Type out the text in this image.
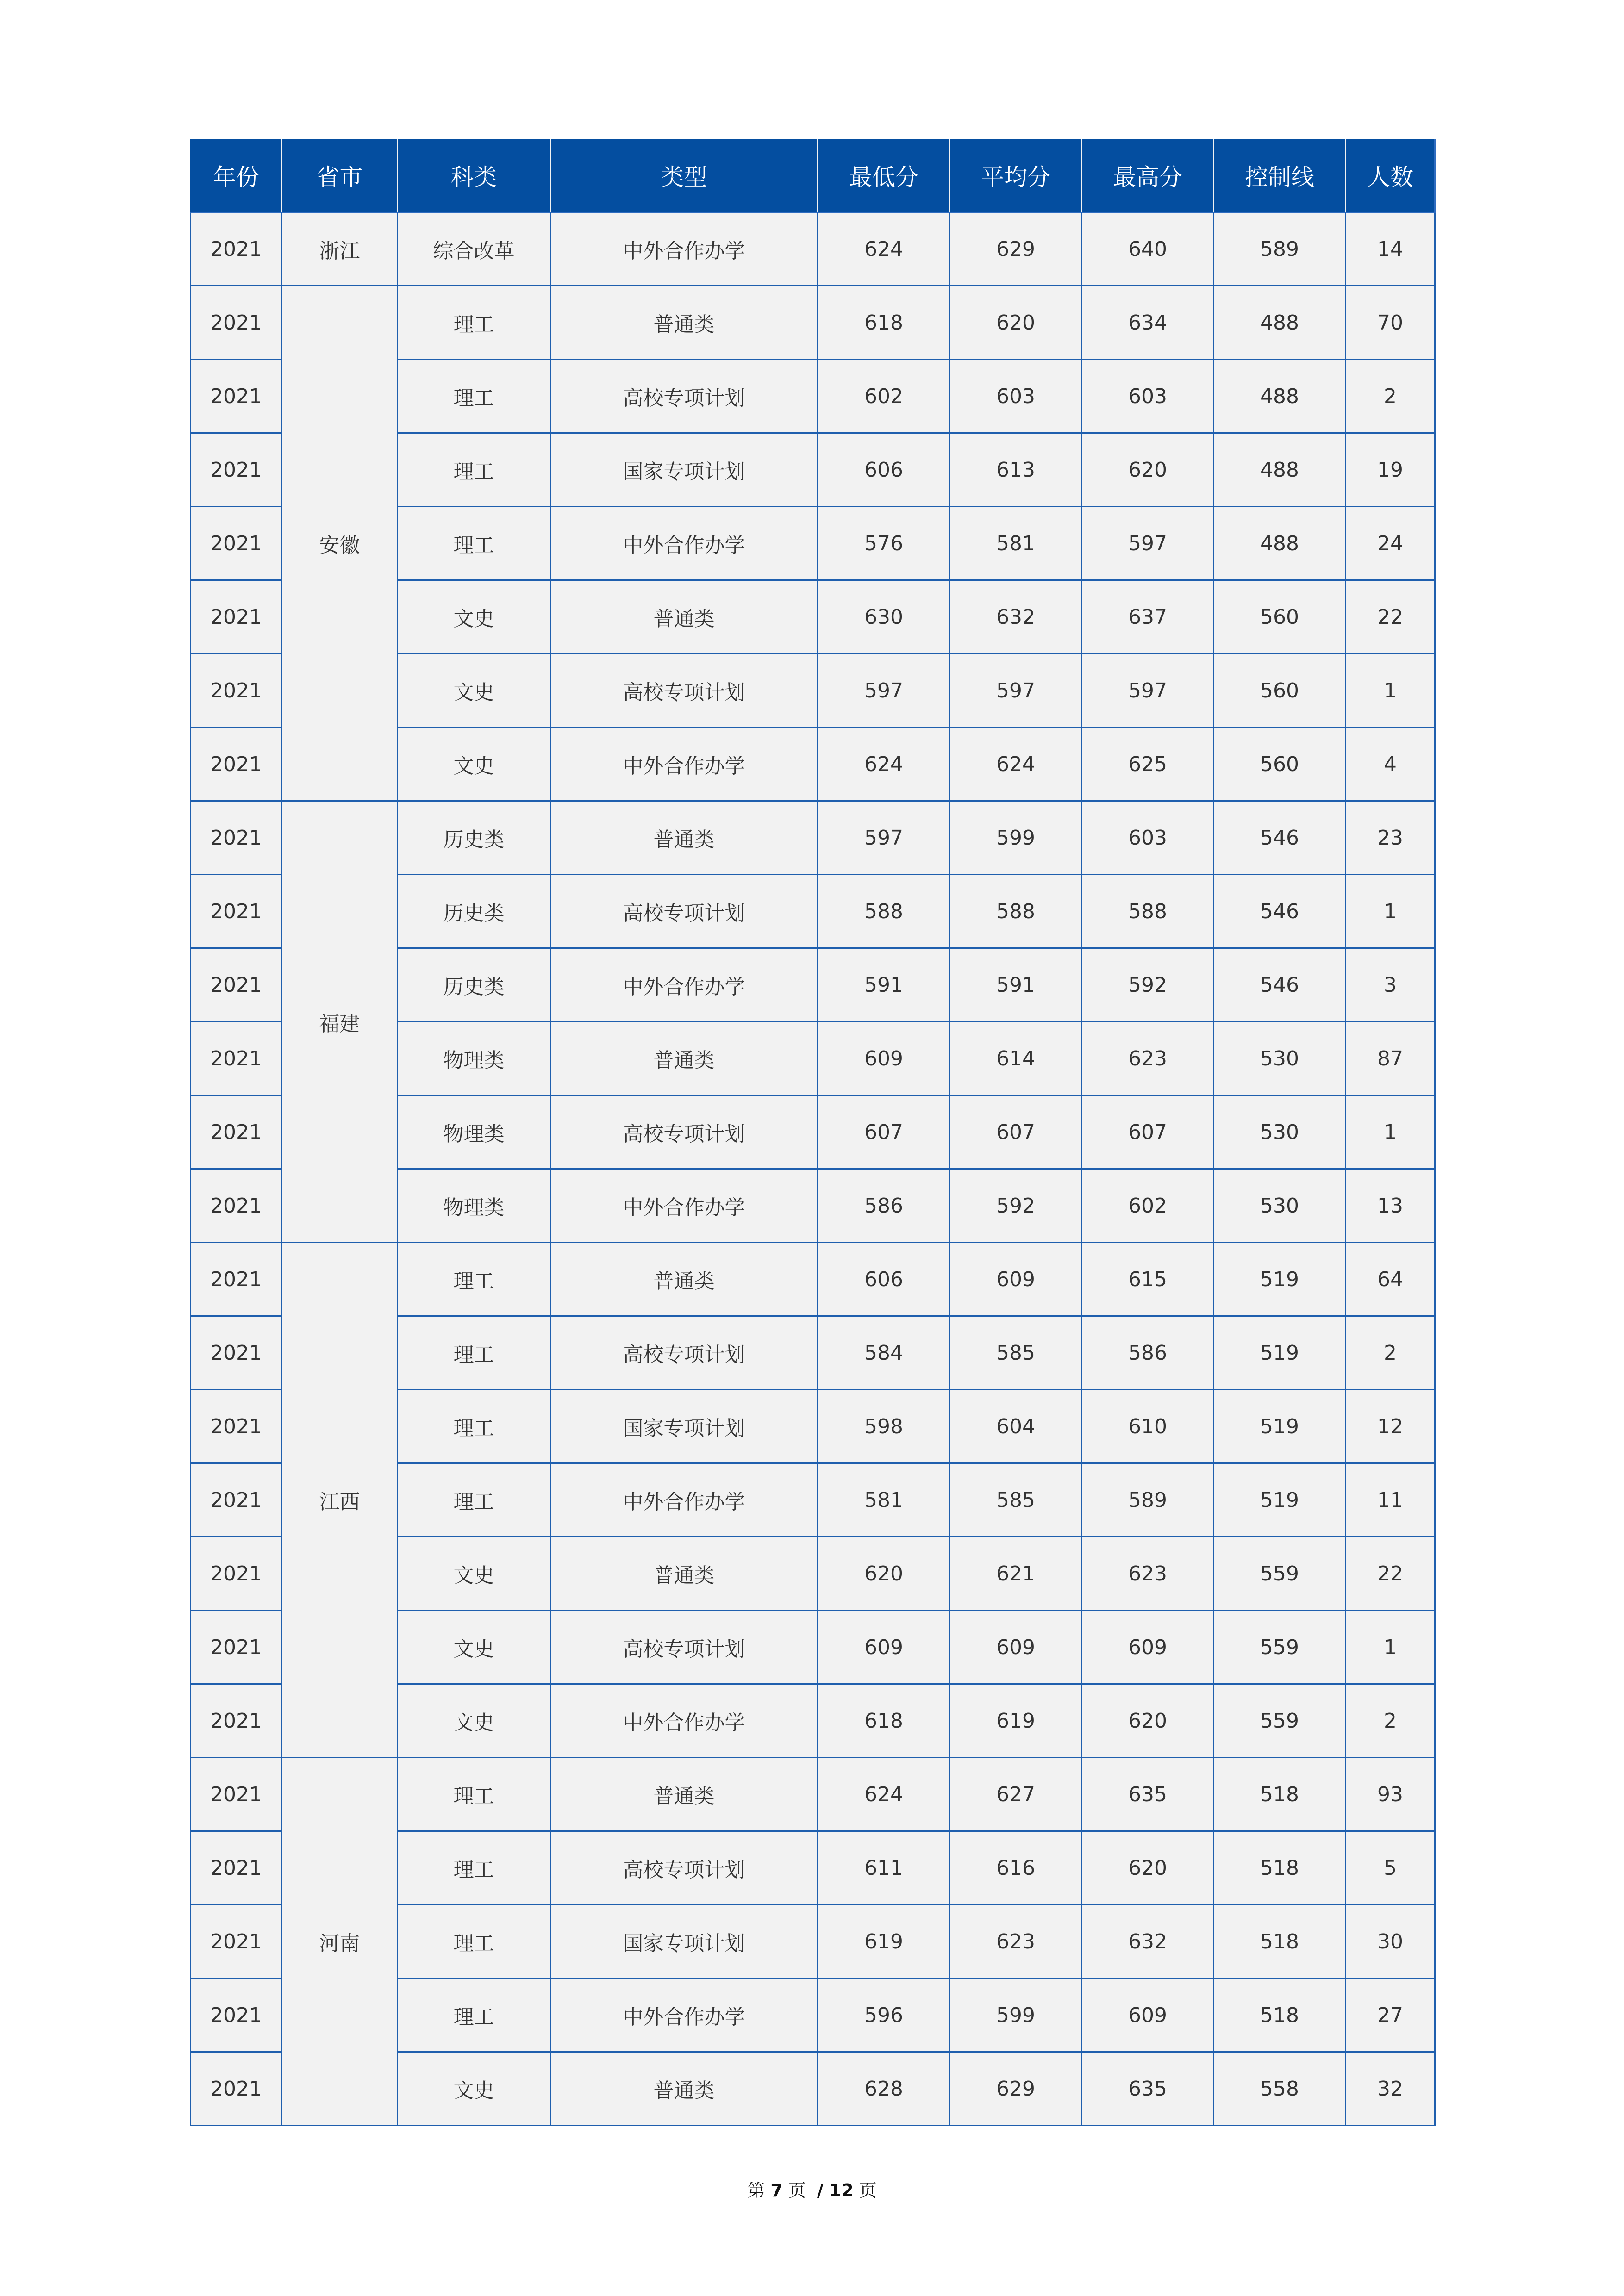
年份	省市	科类	类型	最低分	平均分	最高分	控制线	人数
2021	浙江	综合改革	中外合作办学	624	629	640	589	14
2021	安徽	理工	普通类	618	620	634	488	70
2021		理工	高校专项计划	602	603	603	488	2
2021		理工	国家专项计划	606	613	620	488	19
2021		理工	中外合作办学	576	581	597	488	24
2021		文史	普通类	630	632	637	560	22
2021		文史	高校专项计划	597	597	597	560	1
2021		文史	中外合作办学	624	624	625	560	4
2021	福建	历史类	普通类	597	599	603	546	23
2021		历史类	高校专项计划	588	588	588	546	1
2021		历史类	中外合作办学	591	591	592	546	3
2021		物理类	普通类	609	614	623	530	87
2021		物理类	高校专项计划	607	607	607	530	1
2021		物理类	中外合作办学	586	592	602	530	13
2021	江西	理工	普通类	606	609	615	519	64
2021		理工	高校专项计划	584	585	586	519	2
2021		理工	国家专项计划	598	604	610	519	12
2021		理工	中外合作办学	581	585	589	519	11
2021		文史	普通类	620	621	623	559	22
2021		文史	高校专项计划	609	609	609	559	1
2021		文史	中外合作办学	618	619	620	559	2
2021	河南	理工	普通类	624	627	635	518	93
2021		理工	高校专项计划	611	616	620	518	5
2021		理工	国家专项计划	619	623	632	518	30
2021		理工	中外合作办学	596	599	609	518	27
2021		文史	普通类	628	629	635	558	32
第 7 页 / 12 页
